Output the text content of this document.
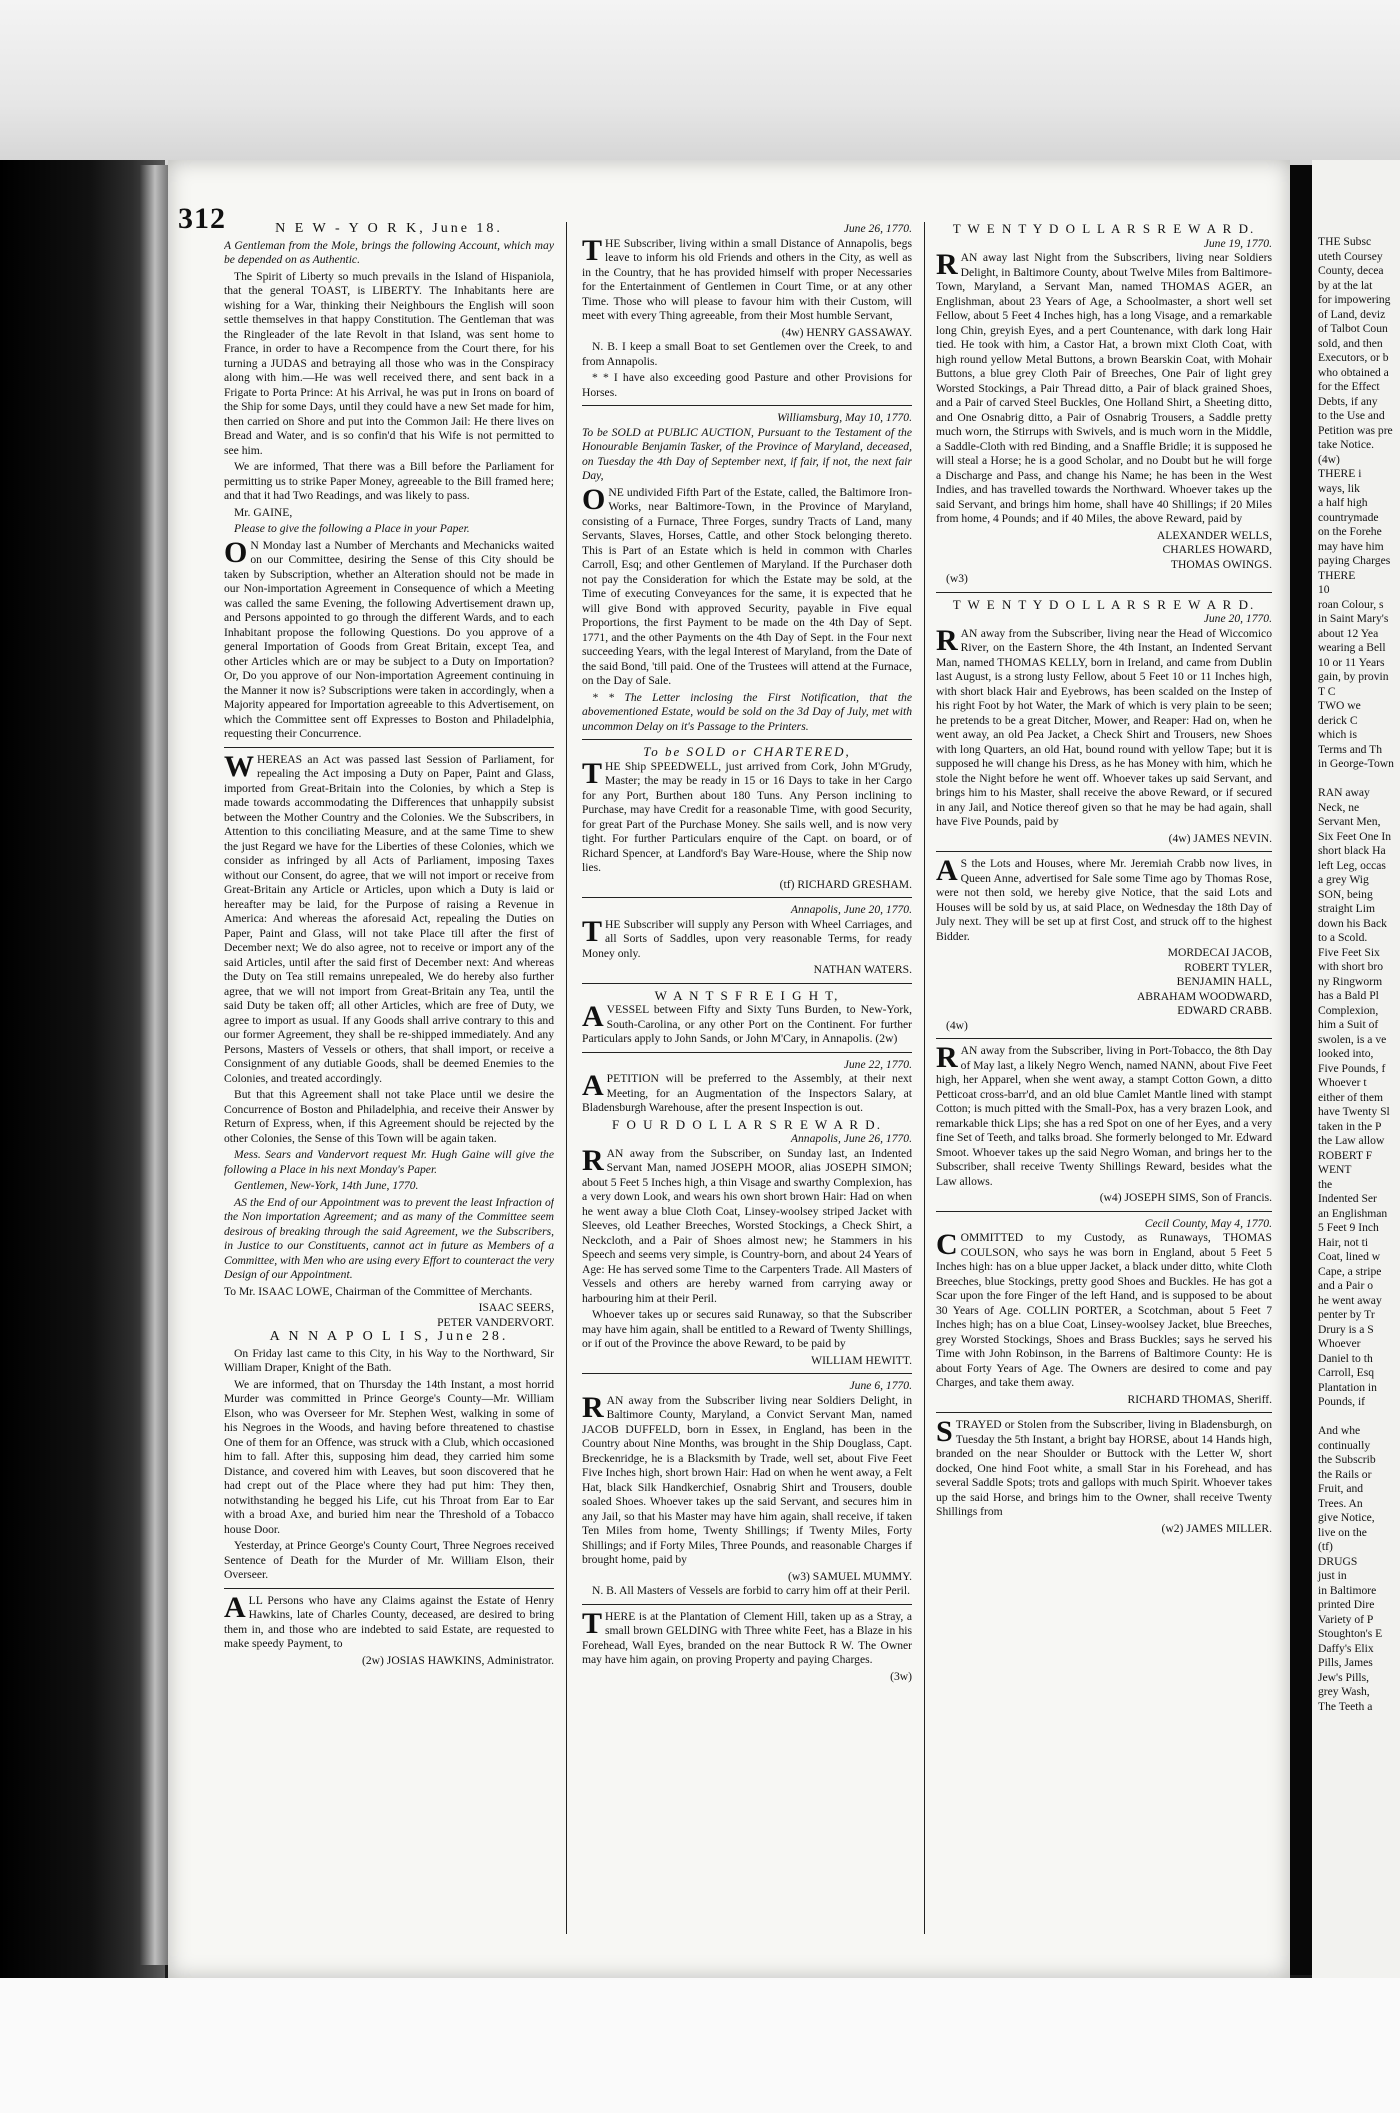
312	N E W - Y O R K, June 18.

A Gentleman from the Mole, brings the following Account, which may be depended on as Authentic.

The Spirit of Liberty so much prevails in the Island of Hispaniola, that the general TOAST, is LIBERTY. The Inhabitants here are wishing for a War, thinking their Neighbours the English will soon settle themselves in that happy Constitution. The Gentleman that was the Ringleader of the late Revolt in that Island, was sent home to France, in order to have a Recompence from the Court there, for his turning a JUDAS and betraying all those who was in the Conspiracy along with him.—He was well received there, and sent back in a Frigate to Porta Prince: At his Arrival, he was put in Irons on board of the Ship for some Days, until they could have a new Set made for him, then carried on Shore and put into the Common Jail: He there lives on Bread and Water, and is so confin'd that his Wife is not permitted to see him.

We are informed, That there was a Bill before the Parliament for permitting us to strike Paper Money, agreeable to the Bill framed here; and that it had Two Readings, and was likely to pass.

Mr. GAINE,

Please to give the following a Place in your Paper.

ON Monday last a Number of Merchants and Mechanicks waited on our Committee, desiring the Sense of this City should be taken by Subscription, whether an Alteration should not be made in our Non-importation Agreement in Consequence of which a Meeting was called the same Evening, the following Advertisement drawn up, and Persons appointed to go through the different Wards, and to each Inhabitant propose the following Questions. Do you approve of a general Importation of Goods from Great Britain, except Tea, and other Articles which are or may be subject to a Duty on Importation? Or, Do you approve of our Non-importation Agreement continuing in the Manner it now is? Subscriptions were taken in accordingly, when a Majority appeared for Importation agreeable to this Advertisement, on which the Committee sent off Expresses to Boston and Philadelphia, requesting their Concurrence.

WHEREAS an Act was passed last Session of Parliament, for repealing the Act imposing a Duty on Paper, Paint and Glass, imported from Great-Britain into the Colonies, by which a Step is made towards accommodating the Differences that unhappily subsist between the Mother Country and the Colonies. We the Subscribers, in Attention to this conciliating Measure, and at the same Time to shew the just Regard we have for the Liberties of these Colonies, which we consider as infringed by all Acts of Parliament, imposing Taxes without our Consent, do agree, that we will not import or receive from Great-Britain any Article or Articles, upon which a Duty is laid or hereafter may be laid, for the Purpose of raising a Revenue in America: And whereas the aforesaid Act, repealing the Duties on Paper, Paint and Glass, will not take Place till after the first of December next; We do also agree, not to receive or import any of the said Articles, until after the said first of December next: And whereas the Duty on Tea still remains unrepealed, We do hereby also further agree, that we will not import from Great-Britain any Tea, until the said Duty be taken off; all other Articles, which are free of Duty, we agree to import as usual. If any Goods shall arrive contrary to this and our former Agreement, they shall be re-shipped immediately. And any Persons, Masters of Vessels or others, that shall import, or receive a Consignment of any dutiable Goods, shall be deemed Enemies to the Colonies, and treated accordingly.

But that this Agreement shall not take Place until we desire the Concurrence of Boston and Philadelphia, and receive their Answer by Return of Express, when, if this Agreement should be rejected by the other Colonies, the Sense of this Town will be again taken.

Mess. Sears and Vandervort request Mr. Hugh Gaine will give the following a Place in his next Monday's Paper.

Gentlemen, New-York, 14th June, 1770.

AS the End of our Appointment was to prevent the least Infraction of the Non importation Agreement; and as many of the Committee seem desirous of breaking through the said Agreement, we the Subscribers, in Justice to our Constituents, cannot act in future as Members of a Committee, with Men who are using every Effort to counteract the very Design of our Appointment.

To Mr. ISAAC LOWE, Chairman of the Committee of Merchants.

ISAAC SEERS,

PETER VANDERVORT.

A N N A P O L I S, June 28.

On Friday last came to this City, in his Way to the Northward, Sir William Draper, Knight of the Bath.

We are informed, that on Thursday the 14th Instant, a most horrid Murder was committed in Prince George's County—Mr. William Elson, who was Overseer for Mr. Stephen West, walking in some of his Negroes in the Woods, and having before threatened to chastise One of them for an Offence, was struck with a Club, which occasioned him to fall. After this, supposing him dead, they carried him some Distance, and covered him with Leaves, but soon discovered that he had crept out of the Place where they had put him: They then, notwithstanding he begged his Life, cut his Throat from Ear to Ear with a broad Axe, and buried him near the Threshold of a Tobacco house Door.

Yesterday, at Prince George's County Court, Three Negroes received Sentence of Death for the Murder of Mr. William Elson, their Overseer.

ALL Persons who have any Claims against the Estate of Henry Hawkins, late of Charles County, deceased, are desired to bring them in, and those who are indebted to said Estate, are requested to make speedy Payment, to

(2w) JOSIAS HAWKINS, Administrator.

June 26, 1770.

THE Subscriber, living within a small Distance of Annapolis, begs leave to inform his old Friends and others in the City, as well as in the Country, that he has provided himself with proper Necessaries for the Entertainment of Gentlemen in Court Time, or at any other Time. Those who will please to favour him with their Custom, will meet with every Thing agreeable, from their Most humble Servant,

(4w) HENRY GASSAWAY.

N. B. I keep a small Boat to set Gentlemen over the Creek, to and from Annapolis.

* * I have also exceeding good Pasture and other Provisions for Horses.

Williamsburg, May 10, 1770.

To be SOLD at PUBLIC AUCTION, Pursuant to the Testament of the Honourable Benjamin Tasker, of the Province of Maryland, deceased, on Tuesday the 4th Day of September next, if fair, if not, the next fair Day,

ONE undivided Fifth Part of the Estate, called, the Baltimore Iron-Works, near Baltimore-Town, in the Province of Maryland, consisting of a Furnace, Three Forges, sundry Tracts of Land, many Servants, Slaves, Horses, Cattle, and other Stock belonging thereto. This is Part of an Estate which is held in common with Charles Carroll, Esq; and other Gentlemen of Maryland. If the Purchaser doth not pay the Consideration for which the Estate may be sold, at the Time of executing Conveyances for the same, it is expected that he will give Bond with approved Security, payable in Five equal Proportions, the first Payment to be made on the 4th Day of Sept. 1771, and the other Payments on the 4th Day of Sept. in the Four next succeeding Years, with the legal Interest of Maryland, from the Date of the said Bond, 'till paid. One of the Trustees will attend at the Furnace, on the Day of Sale.

* * The Letter inclosing the First Notification, that the abovementioned Estate, would be sold on the 3d Day of July, met with uncommon Delay on it's Passage to the Printers.

To be SOLD or CHARTERED,

THE Ship SPEEDWELL, just arrived from Cork, John M'Grudy, Master; the may be ready in 15 or 16 Days to take in her Cargo for any Port, Burthen about 180 Tuns. Any Person inclining to Purchase, may have Credit for a reasonable Time, with good Security, for great Part of the Purchase Money. She sails well, and is now very tight. For further Particulars enquire of the Capt. on board, or of Richard Spencer, at Landford's Bay Ware-House, where the Ship now lies.

(tf) RICHARD GRESHAM.

Annapolis, June 20, 1770.

THE Subscriber will supply any Person with Wheel Carriages, and all Sorts of Saddles, upon very reasonable Terms, for ready Money only.

NATHAN WATERS.

W A N T S F R E I G H T,

AVESSEL between Fifty and Sixty Tuns Burden, to New-York, South-Carolina, or any other Port on the Continent. For further Particulars apply to John Sands, or John M'Cary, in Annapolis. (2w)

June 22, 1770.

APETITION will be preferred to the Assembly, at their next Meeting, for an Augmentation of the Inspectors Salary, at Bladensburgh Warehouse, after the present Inspection is out.

F O U R D O L L A R S R E W A R D.

Annapolis, June 26, 1770.

RAN away from the Subscriber, on Sunday last, an Indented Servant Man, named JOSEPH MOOR, alias JOSEPH SIMON; about 5 Feet 5 Inches high, a thin Visage and swarthy Complexion, has a very down Look, and wears his own short brown Hair: Had on when he went away a blue Cloth Coat, Linsey-woolsey striped Jacket with Sleeves, old Leather Breeches, Worsted Stockings, a Check Shirt, a Neckcloth, and a Pair of Shoes almost new; he Stammers in his Speech and seems very simple, is Country-born, and about 24 Years of Age: He has served some Time to the Carpenters Trade. All Masters of Vessels and others are hereby warned from carrying away or harbouring him at their Peril.

Whoever takes up or secures said Runaway, so that the Subscriber may have him again, shall be entitled to a Reward of Twenty Shillings, or if out of the Province the above Reward, to be paid by

WILLIAM HEWITT.

June 6, 1770.

RAN away from the Subscriber living near Soldiers Delight, in Baltimore County, Maryland, a Convict Servant Man, named JACOB DUFFELD, born in Essex, in England, has been in the Country about Nine Months, was brought in the Ship Douglass, Capt. Breckenridge, he is a Blacksmith by Trade, well set, about Five Feet Five Inches high, short brown Hair: Had on when he went away, a Felt Hat, black Silk Handkerchief, Osnabrig Shirt and Trousers, double soaled Shoes. Whoever takes up the said Servant, and secures him in any Jail, so that his Master may have him again, shall receive, if taken Ten Miles from home, Twenty Shillings; if Twenty Miles, Forty Shillings; and if Forty Miles, Three Pounds, and reasonable Charges if brought home, paid by

(w3) SAMUEL MUMMY.

N. B. All Masters of Vessels are forbid to carry him off at their Peril.

THERE is at the Plantation of Clement Hill, taken up as a Stray, a small brown GELDING with Three white Feet, has a Blaze in his Forehead, Wall Eyes, branded on the near Buttock R W. The Owner may have him again, on proving Property and paying Charges.

(3w)

T W E N T Y D O L L A R S R E W A R D.

June 19, 1770.

RAN away last Night from the Subscribers, living near Soldiers Delight, in Baltimore County, about Twelve Miles from Baltimore-Town, Maryland, a Servant Man, named THOMAS AGER, an Englishman, about 23 Years of Age, a Schoolmaster, a short well set Fellow, about 5 Feet 4 Inches high, has a long Visage, and a remarkable long Chin, greyish Eyes, and a pert Countenance, with dark long Hair tied. He took with him, a Castor Hat, a brown mixt Cloth Coat, with high round yellow Metal Buttons, a brown Bearskin Coat, with Mohair Buttons, a blue grey Cloth Pair of Breeches, One Pair of light grey Worsted Stockings, a Pair Thread ditto, a Pair of black grained Shoes, and a Pair of carved Steel Buckles, One Holland Shirt, a Sheeting ditto, and One Osnabrig ditto, a Pair of Osnabrig Trousers, a Saddle pretty much worn, the Stirrups with Swivels, and is much worn in the Middle, a Saddle-Cloth with red Binding, and a Snaffle Bridle; it is supposed he will steal a Horse; he is a good Scholar, and no Doubt but he will forge a Discharge and Pass, and change his Name; he has been in the West Indies, and has travelled towards the Northward. Whoever takes up the said Servant, and brings him home, shall have 40 Shillings; if 20 Miles from home, 4 Pounds; and if 40 Miles, the above Reward, paid by

ALEXANDER WELLS,

CHARLES HOWARD,

THOMAS OWINGS.

(w3)

T W E N T Y D O L L A R S R E W A R D.

June 20, 1770.

RAN away from the Subscriber, living near the Head of Wiccomico River, on the Eastern Shore, the 4th Instant, an Indented Servant Man, named THOMAS KELLY, born in Ireland, and came from Dublin last August, is a strong lusty Fellow, about 5 Feet 10 or 11 Inches high, with short black Hair and Eyebrows, has been scalded on the Instep of his right Foot by hot Water, the Mark of which is very plain to be seen; he pretends to be a great Ditcher, Mower, and Reaper: Had on, when he went away, an old Pea Jacket, a Check Shirt and Trousers, new Shoes with long Quarters, an old Hat, bound round with yellow Tape; but it is supposed he will change his Dress, as he has Money with him, which he stole the Night before he went off. Whoever takes up said Servant, and brings him to his Master, shall receive the above Reward, or if secured in any Jail, and Notice thereof given so that he may be had again, shall have Five Pounds, paid by

(4w) JAMES NEVIN.

AS the Lots and Houses, where Mr. Jeremiah Crabb now lives, in Queen Anne, advertised for Sale some Time ago by Thomas Rose, were not then sold, we hereby give Notice, that the said Lots and Houses will be sold by us, at said Place, on Wednesday the 18th Day of July next. They will be set up at first Cost, and struck off to the highest Bidder.

MORDECAI JACOB,

ROBERT TYLER,

BENJAMIN HALL,

ABRAHAM WOODWARD,

EDWARD CRABB.

(4w)

RAN away from the Subscriber, living in Port-Tobacco, the 8th Day of May last, a likely Negro Wench, named NANN, about Five Feet high, her Apparel, when she went away, a stampt Cotton Gown, a ditto Petticoat cross-barr'd, and an old blue Camlet Mantle lined with stampt Cotton; is much pitted with the Small-Pox, has a very brazen Look, and remarkable thick Lips; she has a red Spot on one of her Eyes, and a very fine Set of Teeth, and talks broad. She formerly belonged to Mr. Edward Smoot. Whoever takes up the said Negro Woman, and brings her to the Subscriber, shall receive Twenty Shillings Reward, besides what the Law allows.

(w4) JOSEPH SIMS, Son of Francis.

Cecil County, May 4, 1770.

COMMITTED to my Custody, as Runaways, THOMAS COULSON, who says he was born in England, about 5 Feet 5 Inches high: has on a blue upper Jacket, a black under ditto, white Cloth Breeches, blue Stockings, pretty good Shoes and Buckles. He has got a Scar upon the fore Finger of the left Hand, and is supposed to be about 30 Years of Age. COLLIN PORTER, a Scotchman, about 5 Feet 7 Inches high; has on a blue Coat, Linsey-woolsey Jacket, blue Breeches, grey Worsted Stockings, Shoes and Brass Buckles; says he served his Time with John Robinson, in the Barrens of Baltimore County: He is about Forty Years of Age. The Owners are desired to come and pay Charges, and take them away.

RICHARD THOMAS, Sheriff.

STRAYED or Stolen from the Subscriber, living in Bladensburgh, on Tuesday the 5th Instant, a bright bay HORSE, about 14 Hands high, branded on the near Shoulder or Buttock with the Letter W, short docked, One hind Foot white, a small Star in his Forehead, and has several Saddle Spots; trots and gallops with much Spirit. Whoever takes up the said Horse, and brings him to the Owner, shall receive Twenty Shillings from

(w2) JAMES MILLER.

THE Subsc
uteth Coursey
County, decea
by at the lat
for impowering
of Land, deviz
of Talbot Coun
sold, and then
Executors, or b
who obtained a
for the Effect
Debts, if any
to the Use and
Petition was pre
take Notice.
(4w)
THERE i
ways, lik
a half high
countrymade
on the Forehe
may have him
paying Charges
THERE
10
roan Colour, s
in Saint Mary's
about 12 Yea
wearing a Bell
10 or 11 Years
gain, by provin
T C
TWO we
derick C
which is
Terms and Th
in George-Town

RAN away
Neck, ne
Servant Men,
Six Feet One In
short black Ha
left Leg, occas
a grey Wig
SON, being
straight Lim
down his Back
to a Scold.
Five Feet Six
with short bro
ny Ringworm
has a Bald Pl
Complexion,
him a Suit of
swolen, is a ve
looked into,
Five Pounds, f
Whoever t
either of them
have Twenty Sl
taken in the P
the Law allow
ROBERT F
WENT
the
Indented Ser
an Englishman
5 Feet 9 Inch
Hair, not ti
Coat, lined w
Cape, a stripe
and a Pair o
he went away
penter by Tr
Drury is a S
Whoever
Daniel to th
Carroll, Esq
Plantation in
Pounds, if

And whe
continually
the Subscrib
the Rails or
Fruit, and
Trees. An
give Notice,
live on the
(tf)
DRUGS
just in
in Baltimore
printed Dire
Variety of P
Stoughton's E
Daffy's Elix
Pills, James
Jew's Pills,
grey Wash,
The Teeth a
